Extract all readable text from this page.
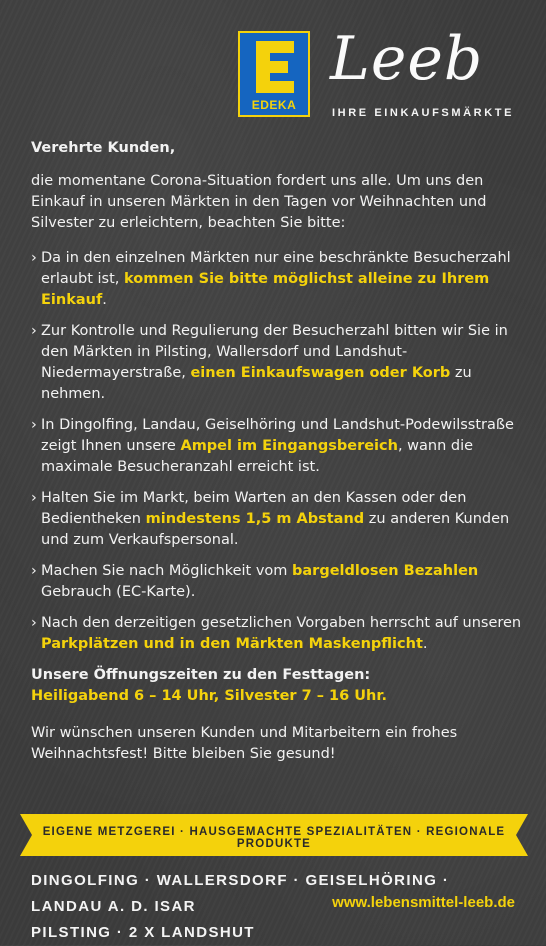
EDEKA
Leeb
IHRE EINKAUFSMÄRKTE

Verehrte Kunden,

die momentane Corona-Situation fordert uns alle. Um uns den Einkauf in unseren Märkten in den Tagen vor Weihnachten und Silvester zu erleichtern, beachten Sie bitte:

› Da in den einzelnen Märkten nur eine beschränkte Besucherzahl erlaubt ist, kommen Sie bitte möglichst alleine zu Ihrem Einkauf.
› Zur Kontrolle und Regulierung der Besucherzahl bitten wir Sie in den Märkten in Pilsting, Wallersdorf und Landshut-Niedermayerstraße, einen Einkaufswagen oder Korb zu nehmen.
› In Dingolfing, Landau, Geiselhöring und Landshut-Podewilsstraße zeigt Ihnen unsere Ampel im Eingangsbereich, wann die maximale Besucheranzahl erreicht ist.
› Halten Sie im Markt, beim Warten an den Kassen oder den Bedientheken mindestens 1,5 m Abstand zu anderen Kunden und zum Verkaufspersonal.
› Machen Sie nach Möglichkeit vom bargeldlosen Bezahlen Gebrauch (EC-Karte).
› Nach den derzeitigen gesetzlichen Vorgaben herrscht auf unseren Parkplätzen und in den Märkten Maskenpflicht.

Unsere Öffnungszeiten zu den Festtagen:

Heiligabend 6 – 14 Uhr, Silvester 7 – 16 Uhr.

Wir wünschen unseren Kunden und Mitarbeitern ein frohes Weihnachtsfest! Bitte bleiben Sie gesund!

EIGENE METZGEREI · HAUSGEMACHTE SPEZIALITÄTEN · REGIONALE PRODUKTE
DINGOLFING · WALLERSDORF · GEISELHÖRING · LANDAU A. D. ISAR
PILSTING · 2 X LANDSHUT
www.lebensmittel-leeb.de
